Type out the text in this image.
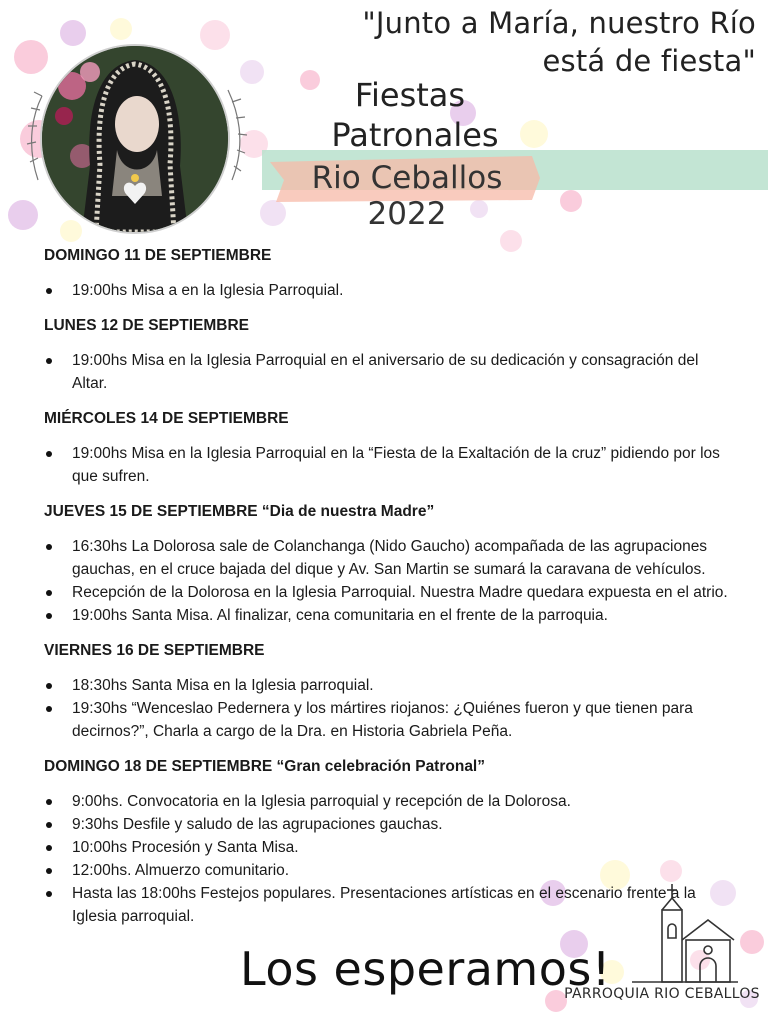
"Junto a María, nuestro Río
está de fiesta"
Fiestas
Patronales
Rio Ceballos 2022
DOMINGO 11 DE SEPTIEMBRE
19:00hs Misa a en la Iglesia Parroquial.
LUNES 12 DE SEPTIEMBRE
19:00hs Misa en la Iglesia Parroquial en el aniversario de su dedicación y consagración del Altar.
MIÉRCOLES 14 DE SEPTIEMBRE
19:00hs Misa en la Iglesia Parroquial en la “Fiesta de la Exaltación de la cruz” pidiendo por los que sufren.
JUEVES 15 DE SEPTIEMBRE “Dia de nuestra Madre”
16:30hs La Dolorosa sale de Colanchanga (Nido Gaucho) acompañada de las agrupaciones gauchas, en el cruce bajada del dique y Av. San Martin se sumará la caravana de vehículos.
Recepción de la Dolorosa en la Iglesia Parroquial. Nuestra Madre quedara expuesta en el atrio.
19:00hs Santa Misa. Al finalizar, cena comunitaria en el frente de la parroquia.
VIERNES 16 DE SEPTIEMBRE
18:30hs Santa Misa en la Iglesia parroquial.
19:30hs “Wenceslao Pedernera y los mártires riojanos: ¿Quiénes fueron y que tienen para decirnos?”, Charla a cargo de la Dra. en Historia Gabriela Peña.
DOMINGO 18 DE SEPTIEMBRE “Gran celebración Patronal”
9:00hs. Convocatoria en la Iglesia parroquial y recepción de la Dolorosa.
9:30hs Desfile y saludo de las agrupaciones gauchas.
10:00hs Procesión y Santa Misa.
12:00hs. Almuerzo comunitario.
Hasta las 18:00hs Festejos populares. Presentaciones artísticas en el escenario frente a la Iglesia parroquial.
Los esperamos!
PARROQUIA RIO CEBALLOS
